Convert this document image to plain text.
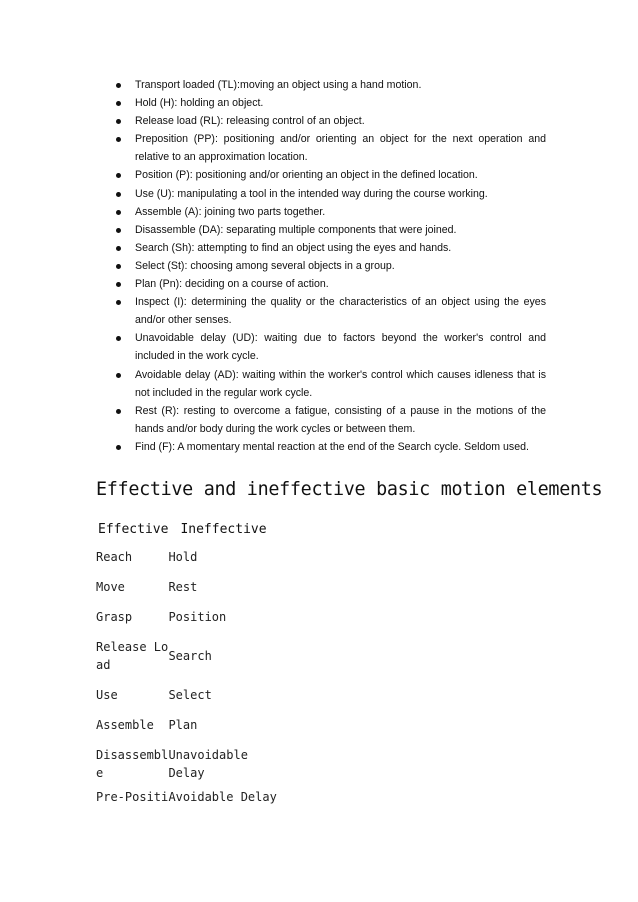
Transport loaded (TL):moving an object using a hand motion.
Hold (H): holding an object.
Release load (RL): releasing control of an object.
Preposition (PP): positioning and/or orienting an object for the next operation and relative to an approximation location.
Position (P): positioning and/or orienting an object in the defined location.
Use (U): manipulating a tool in the intended way during the course working.
Assemble (A): joining two parts together.
Disassemble (DA): separating multiple components that were joined.
Search (Sh): attempting to find an object using the eyes and hands.
Select (St): choosing among several objects in a group.
Plan (Pn): deciding on a course of action.
Inspect (I): determining the quality or the characteristics of an object using the eyes and/or other senses.
Unavoidable delay (UD): waiting due to factors beyond the worker's control and included in the work cycle.
Avoidable delay (AD): waiting within the worker's control which causes idleness that is not included in the regular work cycle.
Rest (R): resting to overcome a fatigue, consisting of a pause in the motions of the hands and/or body during the work cycles or between them.
Find (F): A momentary mental reaction at the end of the Search cycle. Seldom used.
Effective and ineffective basic motion elements
Effective	Ineffective
Reach	Hold
Move	Rest
Grasp	Position
Release Load	Search
Use	Select
Assemble	Plan
Disassemble	Unavoidable Delay
Pre-Positi	Avoidable Delay
